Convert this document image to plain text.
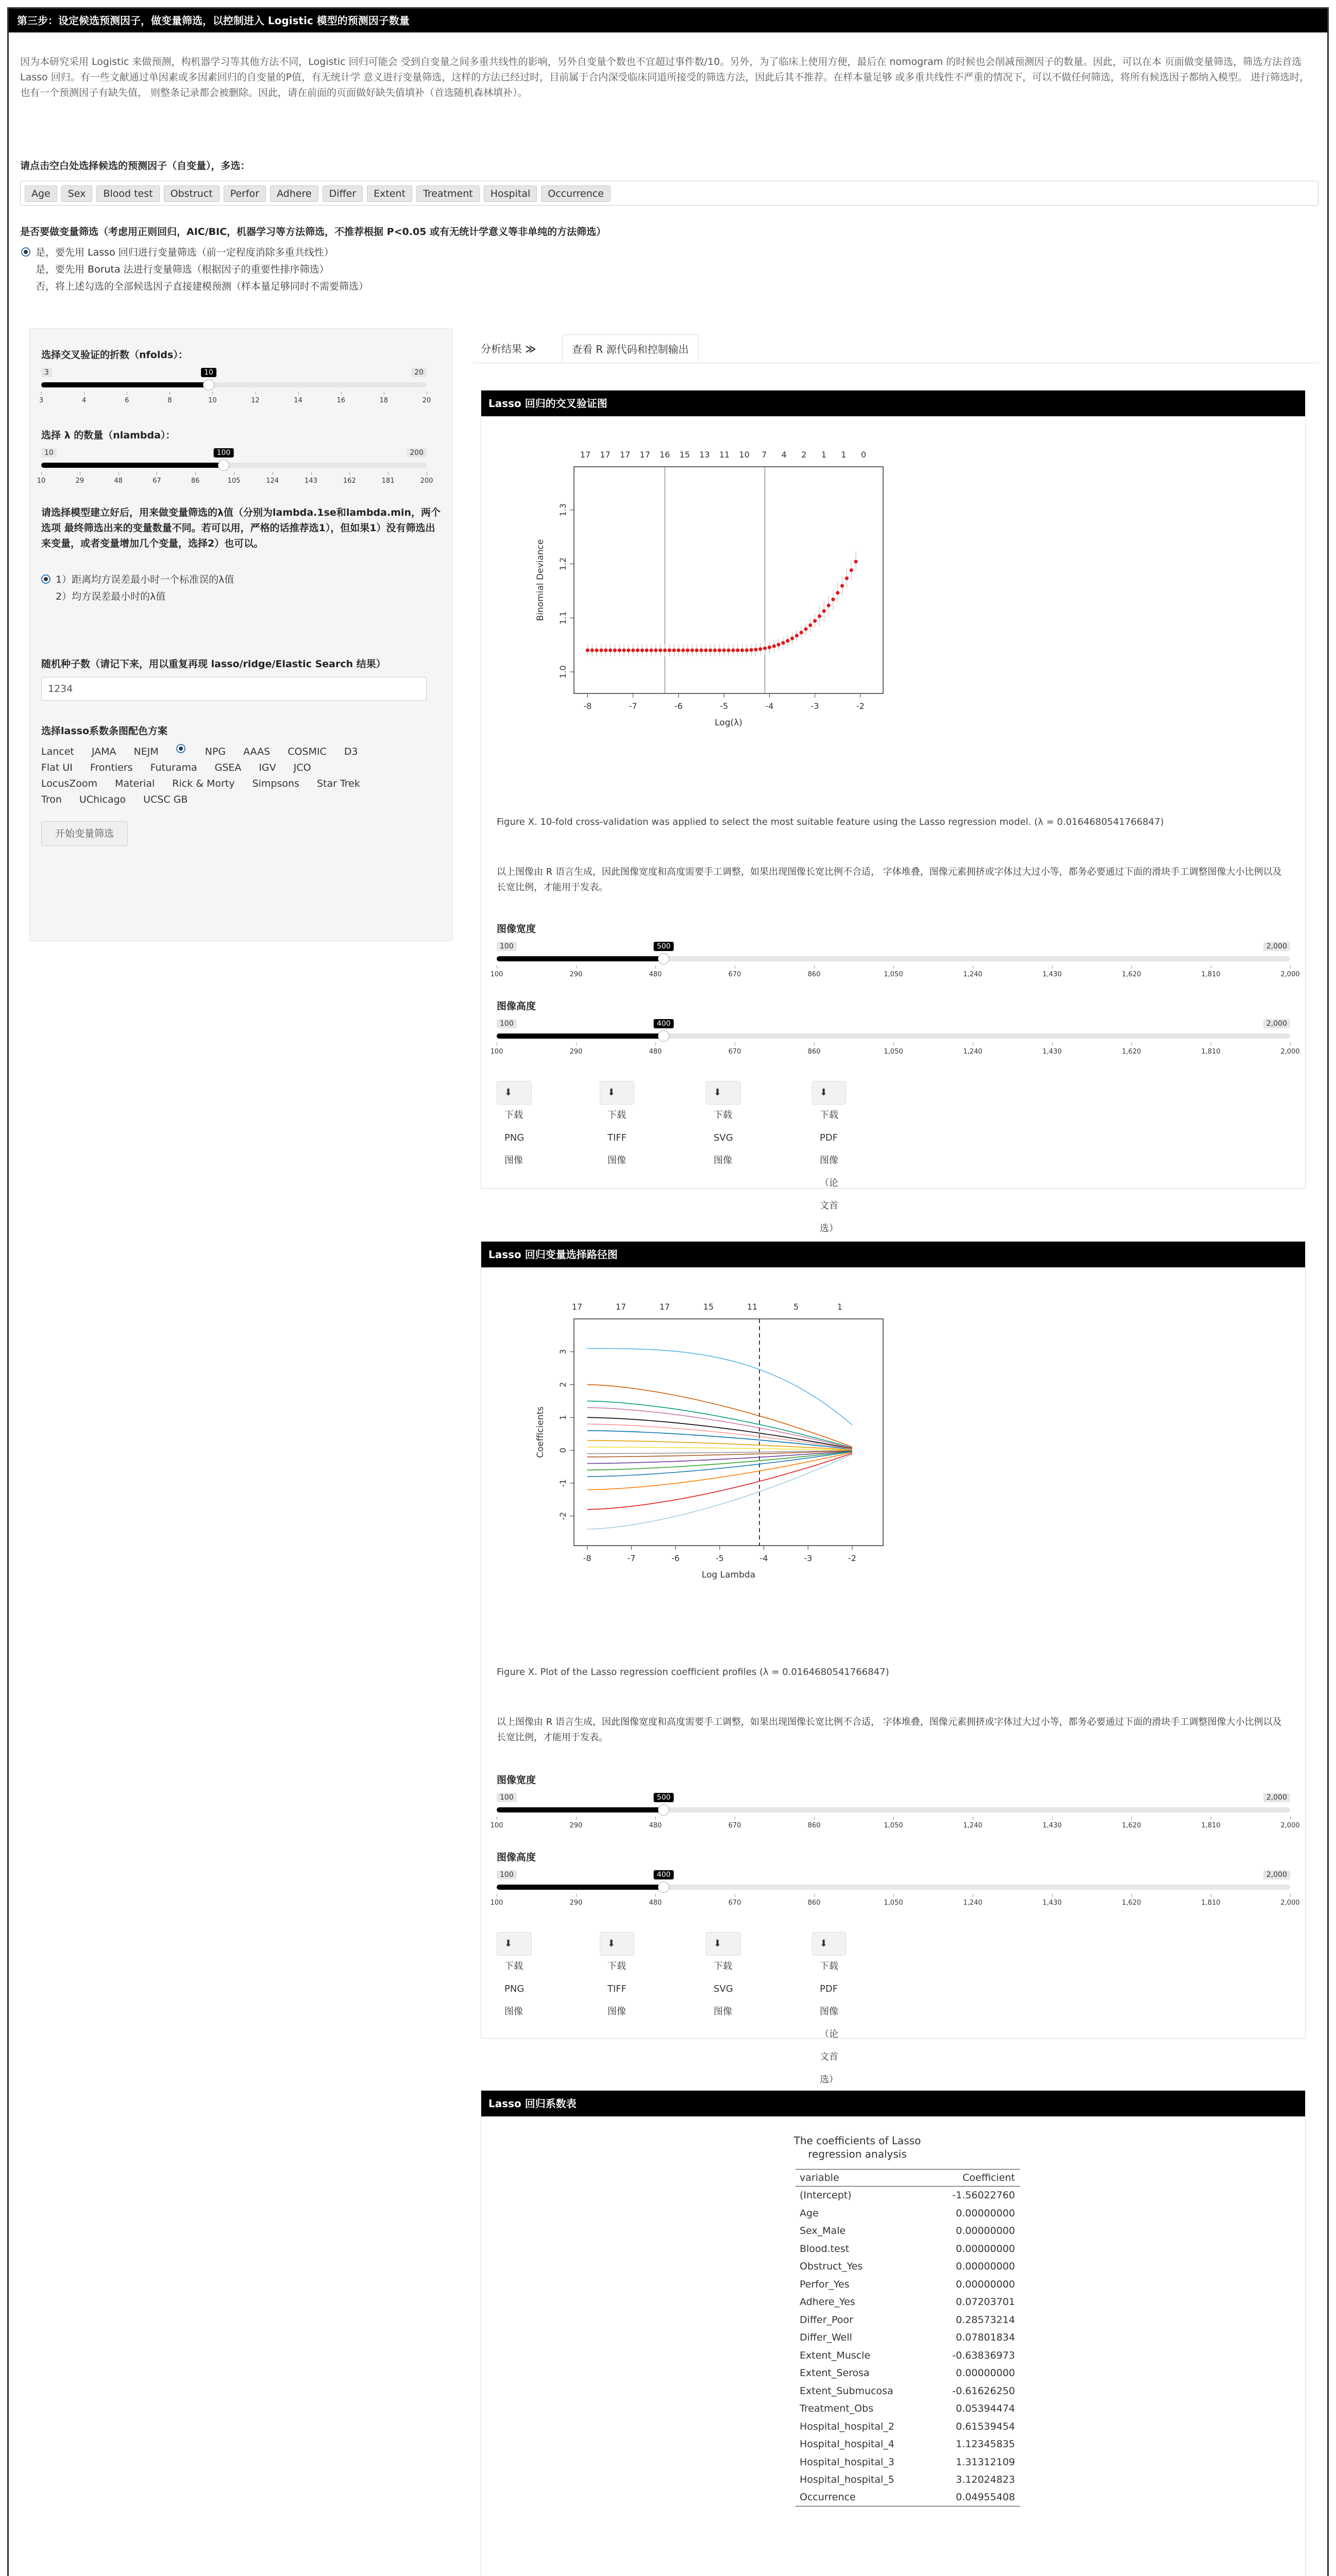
第三步：设定候选预测因子，做变量筛选，以控制进入 Logistic 模型的预测因子数量
因为本研究采用 Logistic 来做预测，构机器学习等其他方法不同，Logistic 回归可能会 受到自变量之间多重共线性的影响，另外自变量个数也不宜超过事件数/10。另外，为了临床上使用方便，最后在 nomogram 的时候也会削减预测因子的数量。因此，可以在本 页面做变量筛选，筛选方法首选 Lasso 回归。有一些文献通过单因素或多因素回归的自变量的P值，有无统计学 意义进行变量筛选，这样的方法已经过时，目前属于合内深受临床同道所接受的筛选方法，因此后其不推荐。在样本量足够 或多重共线性不严重的情况下，可以不做任何筛选，将所有候选因子都纳入模型。 进行筛选时，也有一个预测因子有缺失值， 则整条记录都会被删除。因此，请在前面的页面做好缺失值填补（首选随机森林填补）。
请点击空白处选择候选的预测因子（自变量），多选：
Age	Sex	Blood test	Obstruct	Perfor	Adhere	Differ	Extent	Treatment	Hospital	Occurrence
是否要做变量筛选（考虑用正则回归，AIC/BIC，机器学习等方法筛选，不推荐根据 P<0.05 或有无统计学意义等非单纯的方法筛选）
是，要先用 Lasso 回归进行变量筛选（前一定程度消除多重共线性）
是，要先用 Boruta 法进行变量筛选（根据因子的重要性排序筛选）
否，将上述勾选的全部候选因子直接建模预测（样本量足够同时不需要筛选）
选择交叉验证的折数（nfolds）：
3	20
10
3	4	6	8	10	12	14	16	18	20
选择 λ 的数量（nlambda）：
10	200
100
10	29	48	67	86	105	124	143	162	181	200
请选择模型建立好后，用来做变量筛选的λ值（分别为lambda.1se和lambda.min，两个选项 最终筛选出来的变量数量不同。若可以用，严格的话推荐选1），但如果1）没有筛选出来变量，或者变量增加几个变量，选择2）也可以。
1）距离均方误差最小时一个标准误的λ值
2）均方误差最小时的λ值
随机种子数（请记下来，用以重复再现 lasso/ridge/Elastic Search 结果）
1234
选择lasso系数条图配色方案
Lancet JAMA NEJM	NPG AAAS COSMIC D3
Flat UI Frontiers Futurama GSEA IGV JCO
LocusZoom Material Rick & Morty Simpsons Star Trek
Tron UChicago UCSC GB
开始变量筛选
分析结果 ≫	查看 R 源代码和控制输出
Lasso 回归的交叉验证图
-8	-7	-6	-5	-4	-3	-2
1.0
1.1
1.2
1.3
Log(λ)
Binomial Deviance
17 17 17 17 16 15 13 11 10 7 4 2 1 1 0
Figure X. 10-fold cross-validation was applied to select the most suitable feature using the Lasso regression model. (λ = 0.0164680541766847)
以上图像由 R 语言生成，因此图像宽度和高度需要手工调整，如果出现图像长宽比例不合适， 字体堆叠，图像元素拥挤或字体过大过小等，都务必要通过下面的滑块手工调整图像大小比例以及长宽比例，才能用于发表。
图像宽度
100	2,000
500
100	290	480	670	860	1,050	1,240	1,430	1,620	1,810	2,000
图像高度
100	2,000
400
100	290	480	670	860	1,050	1,240	1,430	1,620	1,810	2,000
⬇ 下载 PNG 图像
⬇ 下载 TIFF 图像
⬇ 下载 SVG 图像
⬇ 下载 PDF 图像（论文首选）
Lasso 回归变量选择路径图
-8	-7	-6	-5	-4	-3	-2
-2
-1
0
1
2
3
Log Lambda
Coefficients
17	17	17	15	11	5	1
Figure X. Plot of the Lasso regression coefficient profiles (λ = 0.0164680541766847)
以上图像由 R 语言生成，因此图像宽度和高度需要手工调整，如果出现图像长宽比例不合适， 字体堆叠，图像元素拥挤或字体过大过小等，都务必要通过下面的滑块手工调整图像大小比例以及长宽比例，才能用于发表。
图像宽度
100	2,000
500
100	290	480	670	860	1,050	1,240	1,430	1,620	1,810	2,000
图像高度
100	2,000
400
100	290	480	670	860	1,050	1,240	1,430	1,620	1,810	2,000
⬇ 下载 PNG 图像
⬇ 下载 TIFF 图像
⬇ 下载 SVG 图像
⬇ 下载 PDF 图像（论文首选）
Lasso 回归系数表
The coefficients of Lasso regression analysis
variable	Coefficient
(Intercept)	-1.56022760
Age	0.00000000
Sex_Male	0.00000000
Blood.test	0.00000000
Obstruct_Yes	0.00000000
Perfor_Yes	0.00000000
Adhere_Yes	0.07203701
Differ_Poor	0.28573214
Differ_Well	0.07801834
Extent_Muscle	-0.63836973
Extent_Serosa	0.00000000
Extent_Submucosa	-0.61626250
Treatment_Obs	0.05394474
Hospital_hospital_2	0.61539454
Hospital_hospital_4	1.12345835
Hospital_hospital_3	1.31312109
Hospital_hospital_5	3.12024823
Occurrence	0.04955408
